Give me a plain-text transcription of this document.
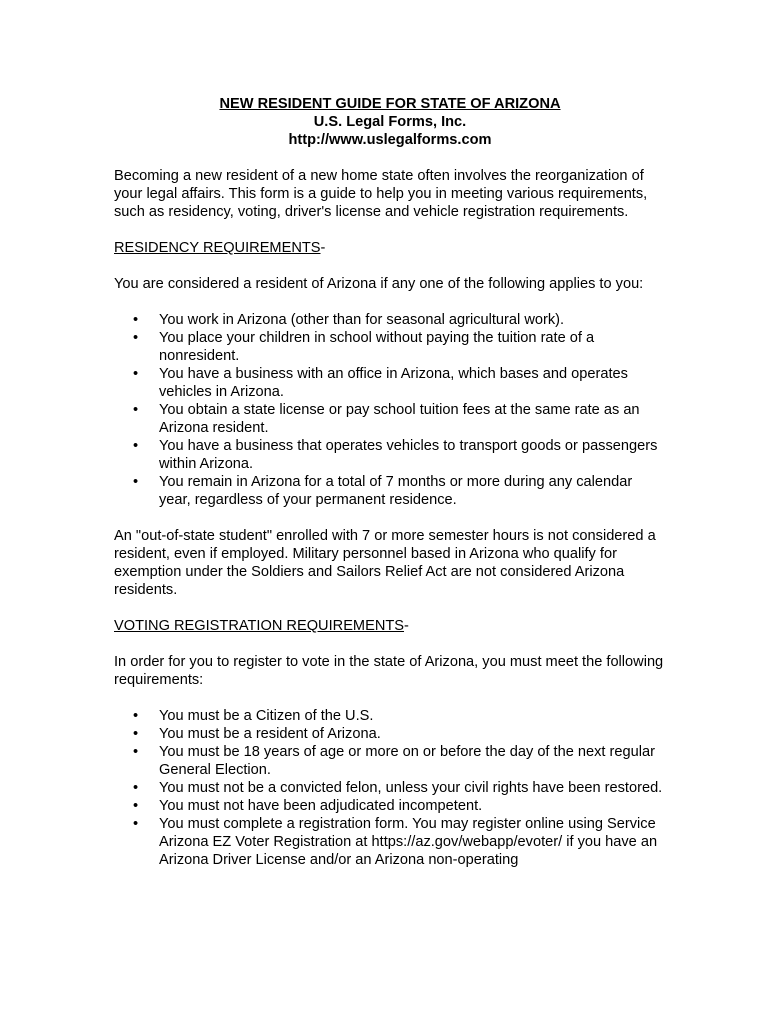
NEW RESIDENT GUIDE FOR STATE OF ARIZONA
U.S. Legal Forms, Inc.
http://www.uslegalforms.com

Becoming a new resident of a new home state often involves the reorganization of your legal affairs. This form is a guide to help you in meeting various requirements, such as residency, voting, driver's license and vehicle registration requirements.

RESIDENCY REQUIREMENTS-

You are considered a resident of Arizona if any one of the following applies to you:

• You work in Arizona (other than for seasonal agricultural work).
• You place your children in school without paying the tuition rate of a nonresident.
• You have a business with an office in Arizona, which bases and operates vehicles in Arizona.
• You obtain a state license or pay school tuition fees at the same rate as an Arizona resident.
• You have a business that operates vehicles to transport goods or passengers within Arizona.
• You remain in Arizona for a total of 7 months or more during any calendar year, regardless of your permanent residence.

An "out-of-state student" enrolled with 7 or more semester hours is not considered a resident, even if employed. Military personnel based in Arizona who qualify for exemption under the Soldiers and Sailors Relief Act are not considered Arizona residents.

VOTING REGISTRATION REQUIREMENTS-

In order for you to register to vote in the state of Arizona, you must meet the following requirements:

• You must be a Citizen of the U.S.
• You must be a resident of Arizona.
• You must be 18 years of age or more on or before the day of the next regular General Election.
• You must not be a convicted felon, unless your civil rights have been restored.
• You must not have been adjudicated incompetent.
• You must complete a registration form. You may register online using Service Arizona EZ Voter Registration at https://az.gov/webapp/evoter/ if you have an Arizona Driver License and/or an Arizona non-operating
